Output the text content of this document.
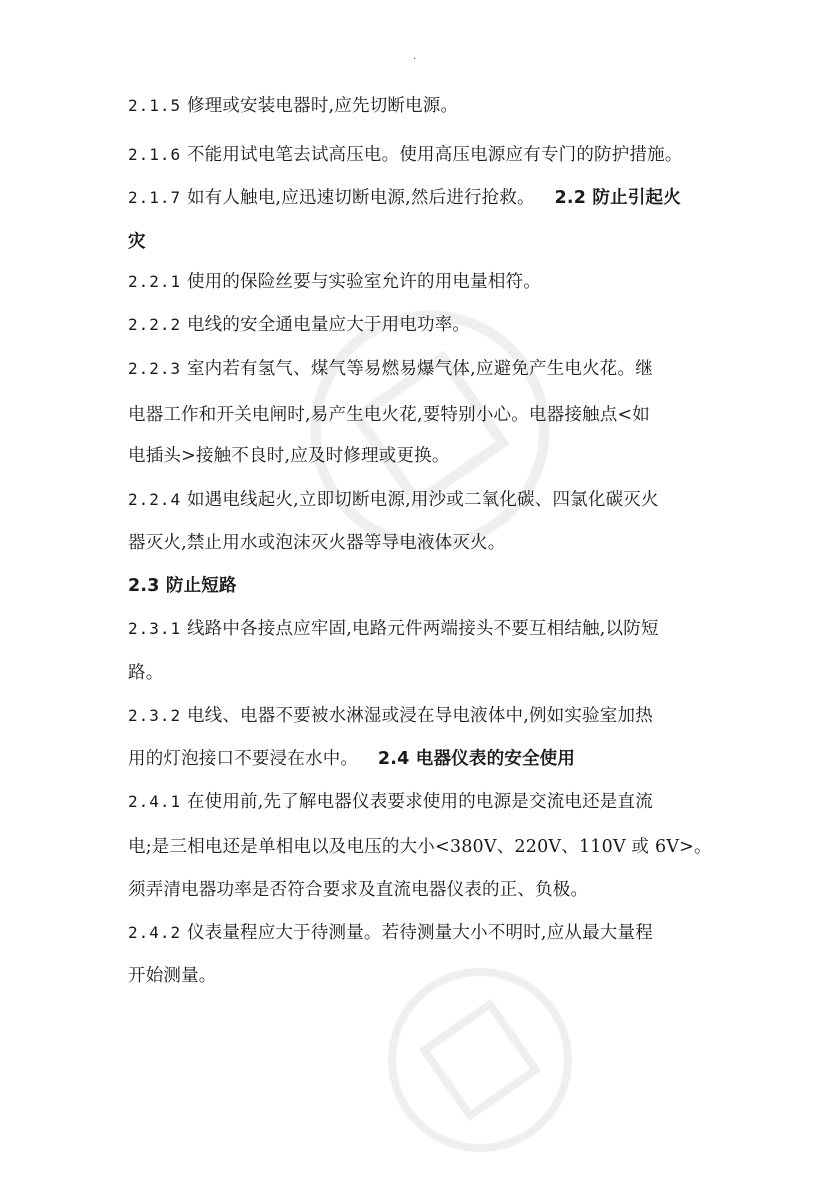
.
2.1.5 修理或安装电器时,应先切断电源。
2.1.6 不能用试电笔去试高压电。使用高压电源应有专门的防护措施。
2.1.7 如有人触电,应迅速切断电源,然后进行抢救。 2.2 防止引起火
灾
2.2.1 使用的保险丝要与实验室允许的用电量相符。
2.2.2 电线的安全通电量应大于用电功率。
2.2.3 室内若有氢气、煤气等易燃易爆气体,应避免产生电火花。继
电器工作和开关电闸时,易产生电火花,要特别小心。电器接触点<如
电插头>接触不良时,应及时修理或更换。
2.2.4 如遇电线起火,立即切断电源,用沙或二氧化碳、四氯化碳灭火
器灭火,禁止用水或泡沫灭火器等导电液体灭火。
2.3 防止短路
2.3.1 线路中各接点应牢固,电路元件两端接头不要互相结触,以防短
路。
2.3.2 电线、电器不要被水淋湿或浸在导电液体中,例如实验室加热
用的灯泡接口不要浸在水中。 2.4 电器仪表的安全使用
2.4.1 在使用前,先了解电器仪表要求使用的电源是交流电还是直流
电;是三相电还是单相电以及电压的大小<380V、220V、110V 或 6V>。
须弄清电器功率是否符合要求及直流电器仪表的正、负极。
2.4.2 仪表量程应大于待测量。若待测量大小不明时,应从最大量程
开始测量。
